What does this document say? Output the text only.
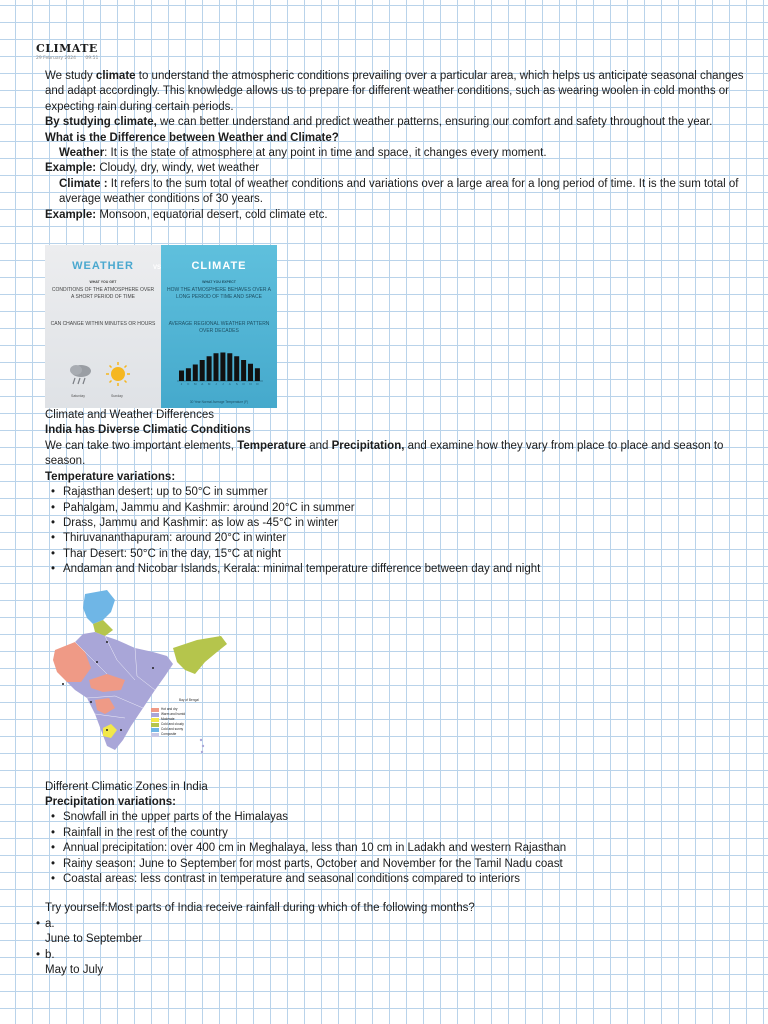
CLIMATE
29 February 2024 09:51

We study climate to understand the atmospheric conditions prevailing over a particular area, which helps us anticipate seasonal changes and adapt accordingly. This knowledge allows us to prepare for different weather conditions, such as wearing woolen in cold months or expecting rain during certain periods.

By studying climate, we can better understand and predict weather patterns, ensuring our comfort and safety throughout the year.

What is the Difference between Weather and Climate?

Weather: It is the state of atmosphere at any point in time and space, it changes every moment.

Example: Cloudy, dry, windy, wet weather

Climate : It refers to the sum total of weather conditions and variations over a large area for a long period of time. It is the sum total of average weather conditions of 30 years.

Example: Monsoon, equatorial desert, cold climate etc.

WEATHER
WHAT YOU GET
CONDITIONS OF THE ATMOSPHERE OVER A SHORT PERIOD OF TIME
CAN CHANGE WITHIN MINUTES OR HOURS
Saturday	Sunday
CLIMATE
WHAT YOU EXPECT
HOW THE ATMOSPHERE BEHAVES OVER A LONG PERIOD OF TIME AND SPACE
AVERAGE REGIONAL WEATHER PATTERN OVER DECADES
J F M A M J J A S O N D
30 Year Normal Average Temperature (F)
VS

Climate and Weather Differences

India has Diverse Climatic Conditions

We can take two important elements, Temperature and Precipitation, and examine how they vary from place to place and season to season.

Temperature variations:

• Rajasthan desert: up to 50°C in summer
• Pahalgam, Jammu and Kashmir: around 20°C in summer
• Drass, Jammu and Kashmir: as low as -45°C in winter
• Thiruvananthapuram: around 20°C in winter
• Thar Desert: 50°C in the day, 15°C at night
• Andaman and Nicobar Islands, Kerala: minimal temperature difference between day and night
Bay of Bengal
Hot and dry
Warm and humid
Moderate
Cold and cloudy
Cold and sunny
Composite

Different Climatic Zones in India

Precipitation variations:

• Snowfall in the upper parts of the Himalayas
• Rainfall in the rest of the country
• Annual precipitation: over 400 cm in Meghalaya, less than 10 cm in Ladakh and western Rajasthan
• Rainy season: June to September for most parts, October and November for the Tamil Nadu coast
• Coastal areas: less contrast in temperature and seasonal conditions compared to interiors

Try yourself:Most parts of India receive rainfall during which of the following months?

• a.
June to September
• b.
May to July
